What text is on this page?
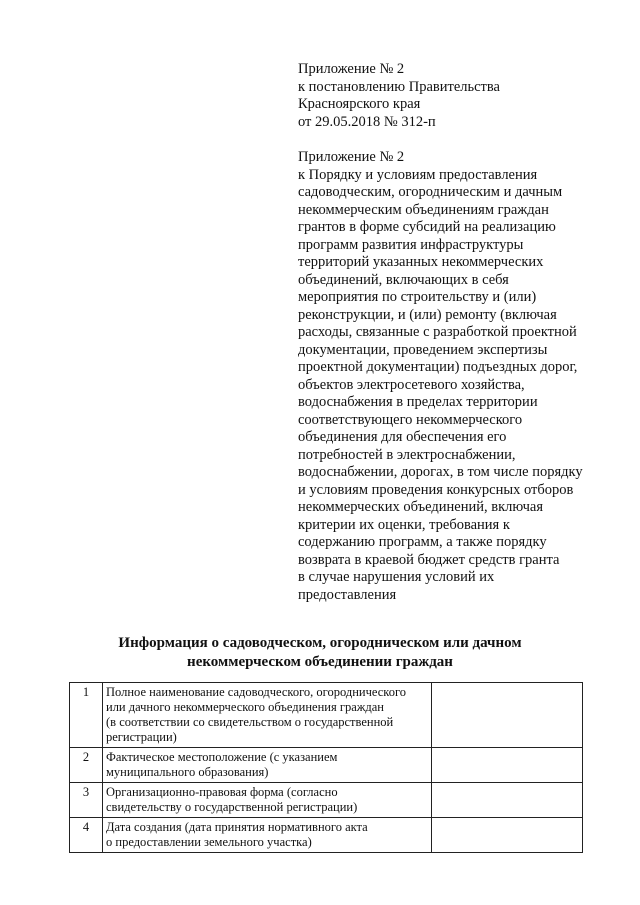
Приложение № 2
к постановлению Правительства
Красноярского края
от 29.05.2018 № 312-п
Приложение № 2
к Порядку и условиям предоставления
садоводческим, огородническим и дачным
некоммерческим объединениям граждан
грантов в форме субсидий на реализацию
программ развития инфраструктуры
территорий указанных некоммерческих
объединений, включающих в себя
мероприятия по строительству и (или)
реконструкции, и (или) ремонту (включая
расходы, связанные с разработкой проектной
документации, проведением экспертизы
проектной документации) подъездных дорог,
объектов электросетевого хозяйства,
водоснабжения в пределах территории
соответствующего некоммерческого
объединения для обеспечения его
потребностей в электроснабжении,
водоснабжении, дорогах, в том числе порядку
и условиям проведения конкурсных отборов
некоммерческих объединений, включая
критерии их оценки, требования к
содержанию программ, а также порядку
возврата в краевой бюджет средств гранта
в случае нарушения условий их
предоставления
Информация о садоводческом, огородническом или дачном
некоммерческом объединении граждан
1	Полное наименование садоводческого, огороднического
или дачного некоммерческого объединения граждан
(в соответствии со свидетельством о государственной
регистрации)	

2	Фактическое местоположение (с указанием
муниципального образования)	

3	Организационно-правовая форма (согласно
свидетельству о государственной регистрации)	

4	Дата создания (дата принятия нормативного акта
о предоставлении земельного участка)	
